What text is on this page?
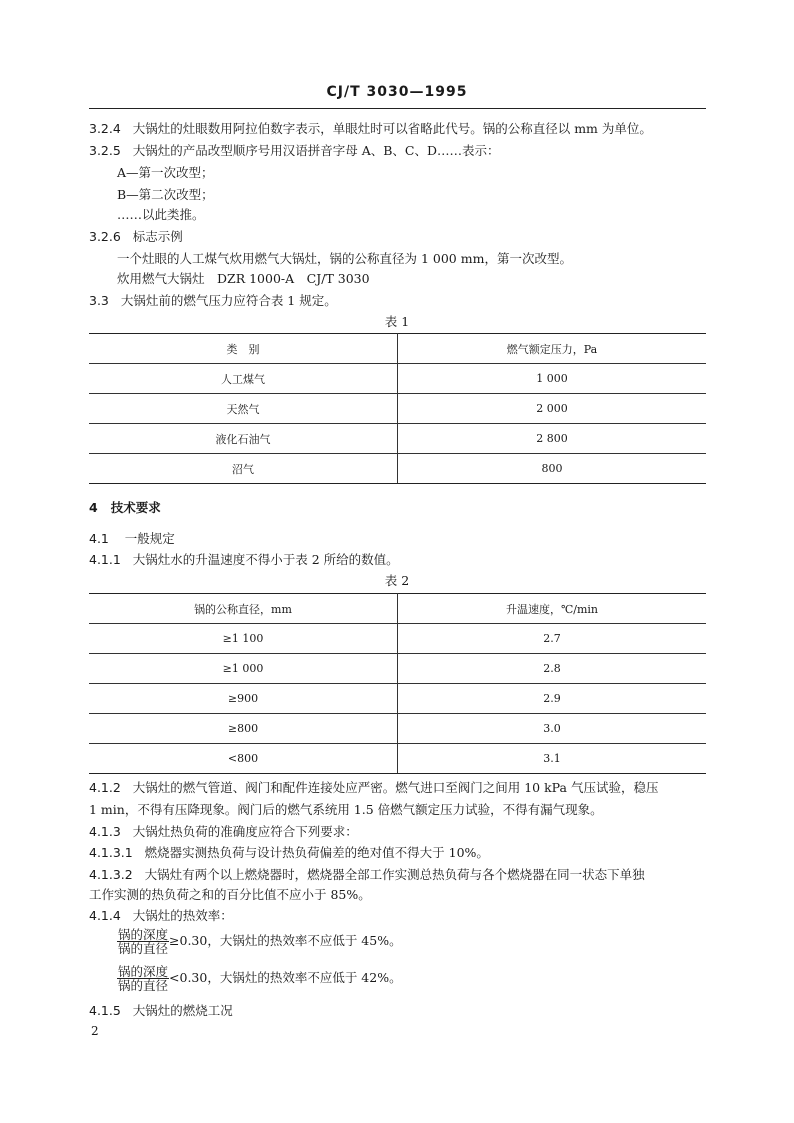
CJ/T 3030—1995
3.2.4 大锅灶的灶眼数用阿拉伯数字表示，单眼灶时可以省略此代号。锅的公称直径以 mm 为单位。
3.2.5 大锅灶的产品改型顺序号用汉语拼音字母 A、B、C、D……表示：
A—第一次改型；
B—第二次改型；
……以此类推。
3.2.6 标志示例
一个灶眼的人工煤气炊用燃气大锅灶，锅的公称直径为 1 000 mm，第一次改型。
炊用燃气大锅灶　DZR 1000-A　CJ/T 3030
3.3 大锅灶前的燃气压力应符合表 1 规定。
表 1
类　别	燃气额定压力，Pa
人工煤气	1 000
天然气	2 000
液化石油气	2 800
沼气	800
4 技术要求
4.1 一般规定
4.1.1 大锅灶水的升温速度不得小于表 2 所给的数值。
表 2
锅的公称直径，mm	升温速度，℃/min
≥1 100	2.7
≥1 000	2.8
≥900	2.9
≥800	3.0
<800	3.1
4.1.2 大锅灶的燃气管道、阀门和配件连接处应严密。燃气进口至阀门之间用 10 kPa 气压试验，稳压
1 min，不得有压降现象。阀门后的燃气系统用 1.5 倍燃气额定压力试验，不得有漏气现象。
4.1.3 大锅灶热负荷的准确度应符合下列要求：
4.1.3.1 燃烧器实测热负荷与设计热负荷偏差的绝对值不得大于 10%。
4.1.3.2 大锅灶有两个以上燃烧器时，燃烧器全部工作实测总热负荷与各个燃烧器在同一状态下单独
工作实测的热负荷之和的百分比值不应小于 85%。
4.1.4 大锅灶的热效率：
$\frac{\text{锅的深度}}{\text{锅的直径}} \ge 0.30$，大锅灶的热效率不应低于 45%。
$\frac{\text{锅的深度}}{\text{锅的直径}} <0.30$，大锅灶的热效率不应低于 42%。
4.1.5 大锅灶的燃烧工况
2
